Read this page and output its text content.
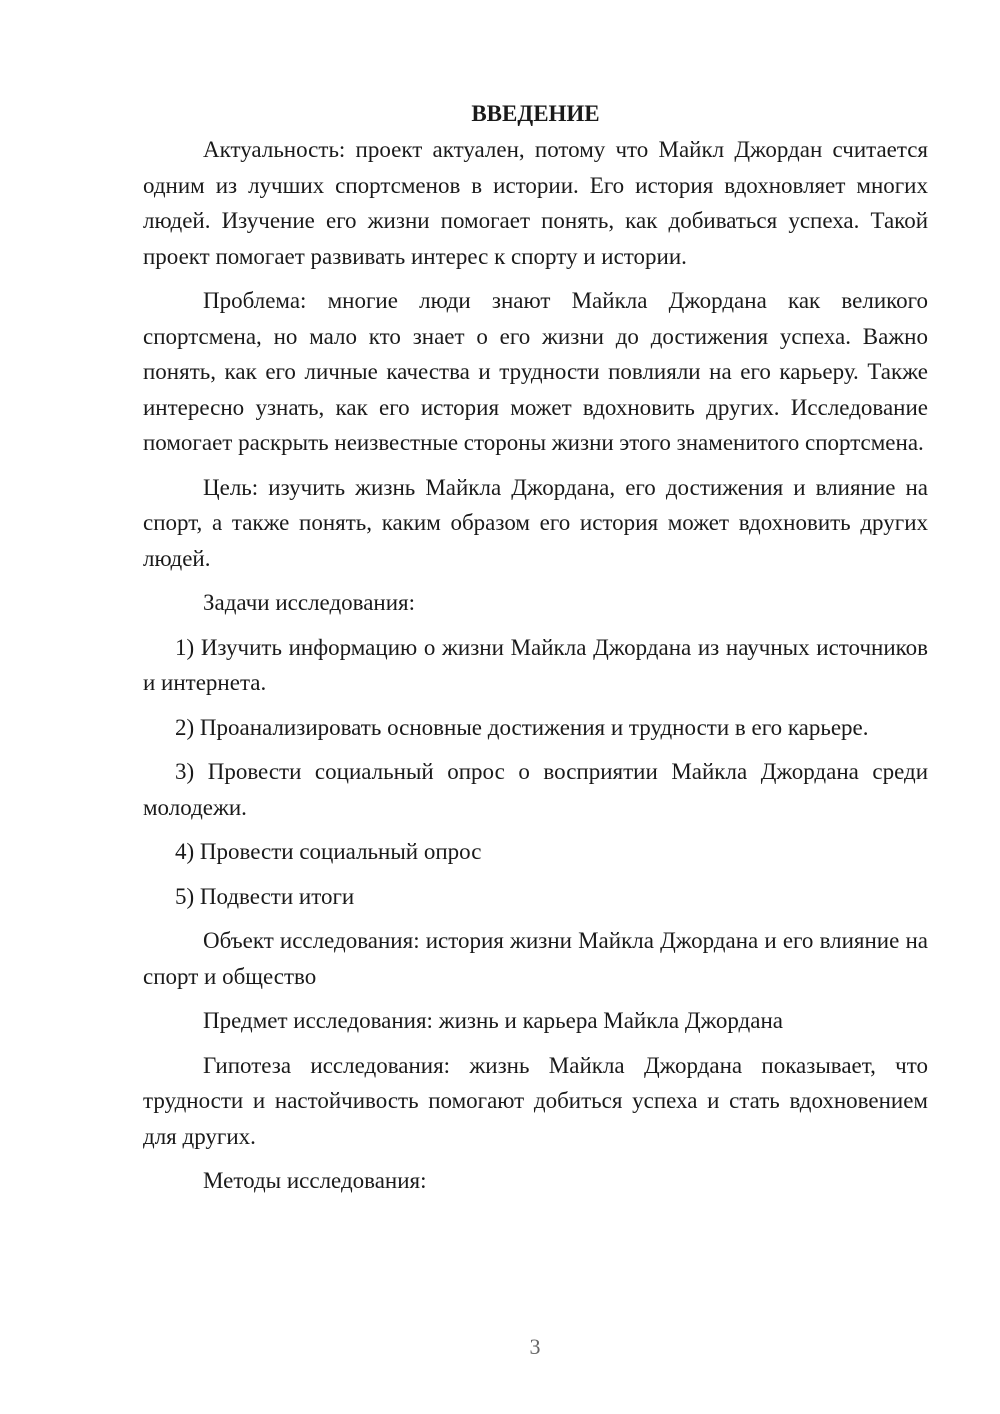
ВВЕДЕНИЕ

Актуальность: проект актуален, потому что Майкл Джордан считается одним из лучших спортсменов в истории. Его история вдохновляет многих людей. Изучение его жизни помогает понять, как добиваться успеха. Такой проект помогает развивать интерес к спорту и истории.

Проблема: многие люди знают Майкла Джордана как великого спортсмена, но мало кто знает о его жизни до достижения успеха. Важно понять, как его личные качества и трудности повлияли на его карьеру. Также интересно узнать, как его история может вдохновить других. Исследование помогает раскрыть неизвестные стороны жизни этого знаменитого спортсмена.

Цель: изучить жизнь Майкла Джордана, его достижения и влияние на спорт, а также понять, каким образом его история может вдохновить других людей.

Задачи исследования:

1) Изучить информацию о жизни Майкла Джордана из научных источников и интернета.

2) Проанализировать основные достижения и трудности в его карьере.

3) Провести социальный опрос о восприятии Майкла Джордана среди молодежи.

4) Провести социальный опрос

5) Подвести итоги

Объект исследования: история жизни Майкла Джордана и его влияние на спорт и общество

Предмет исследования: жизнь и карьера Майкла Джордана

Гипотеза исследования: жизнь Майкла Джордана показывает, что трудности и настойчивость помогают добиться успеха и стать вдохновением для других.

Методы исследования:

3
